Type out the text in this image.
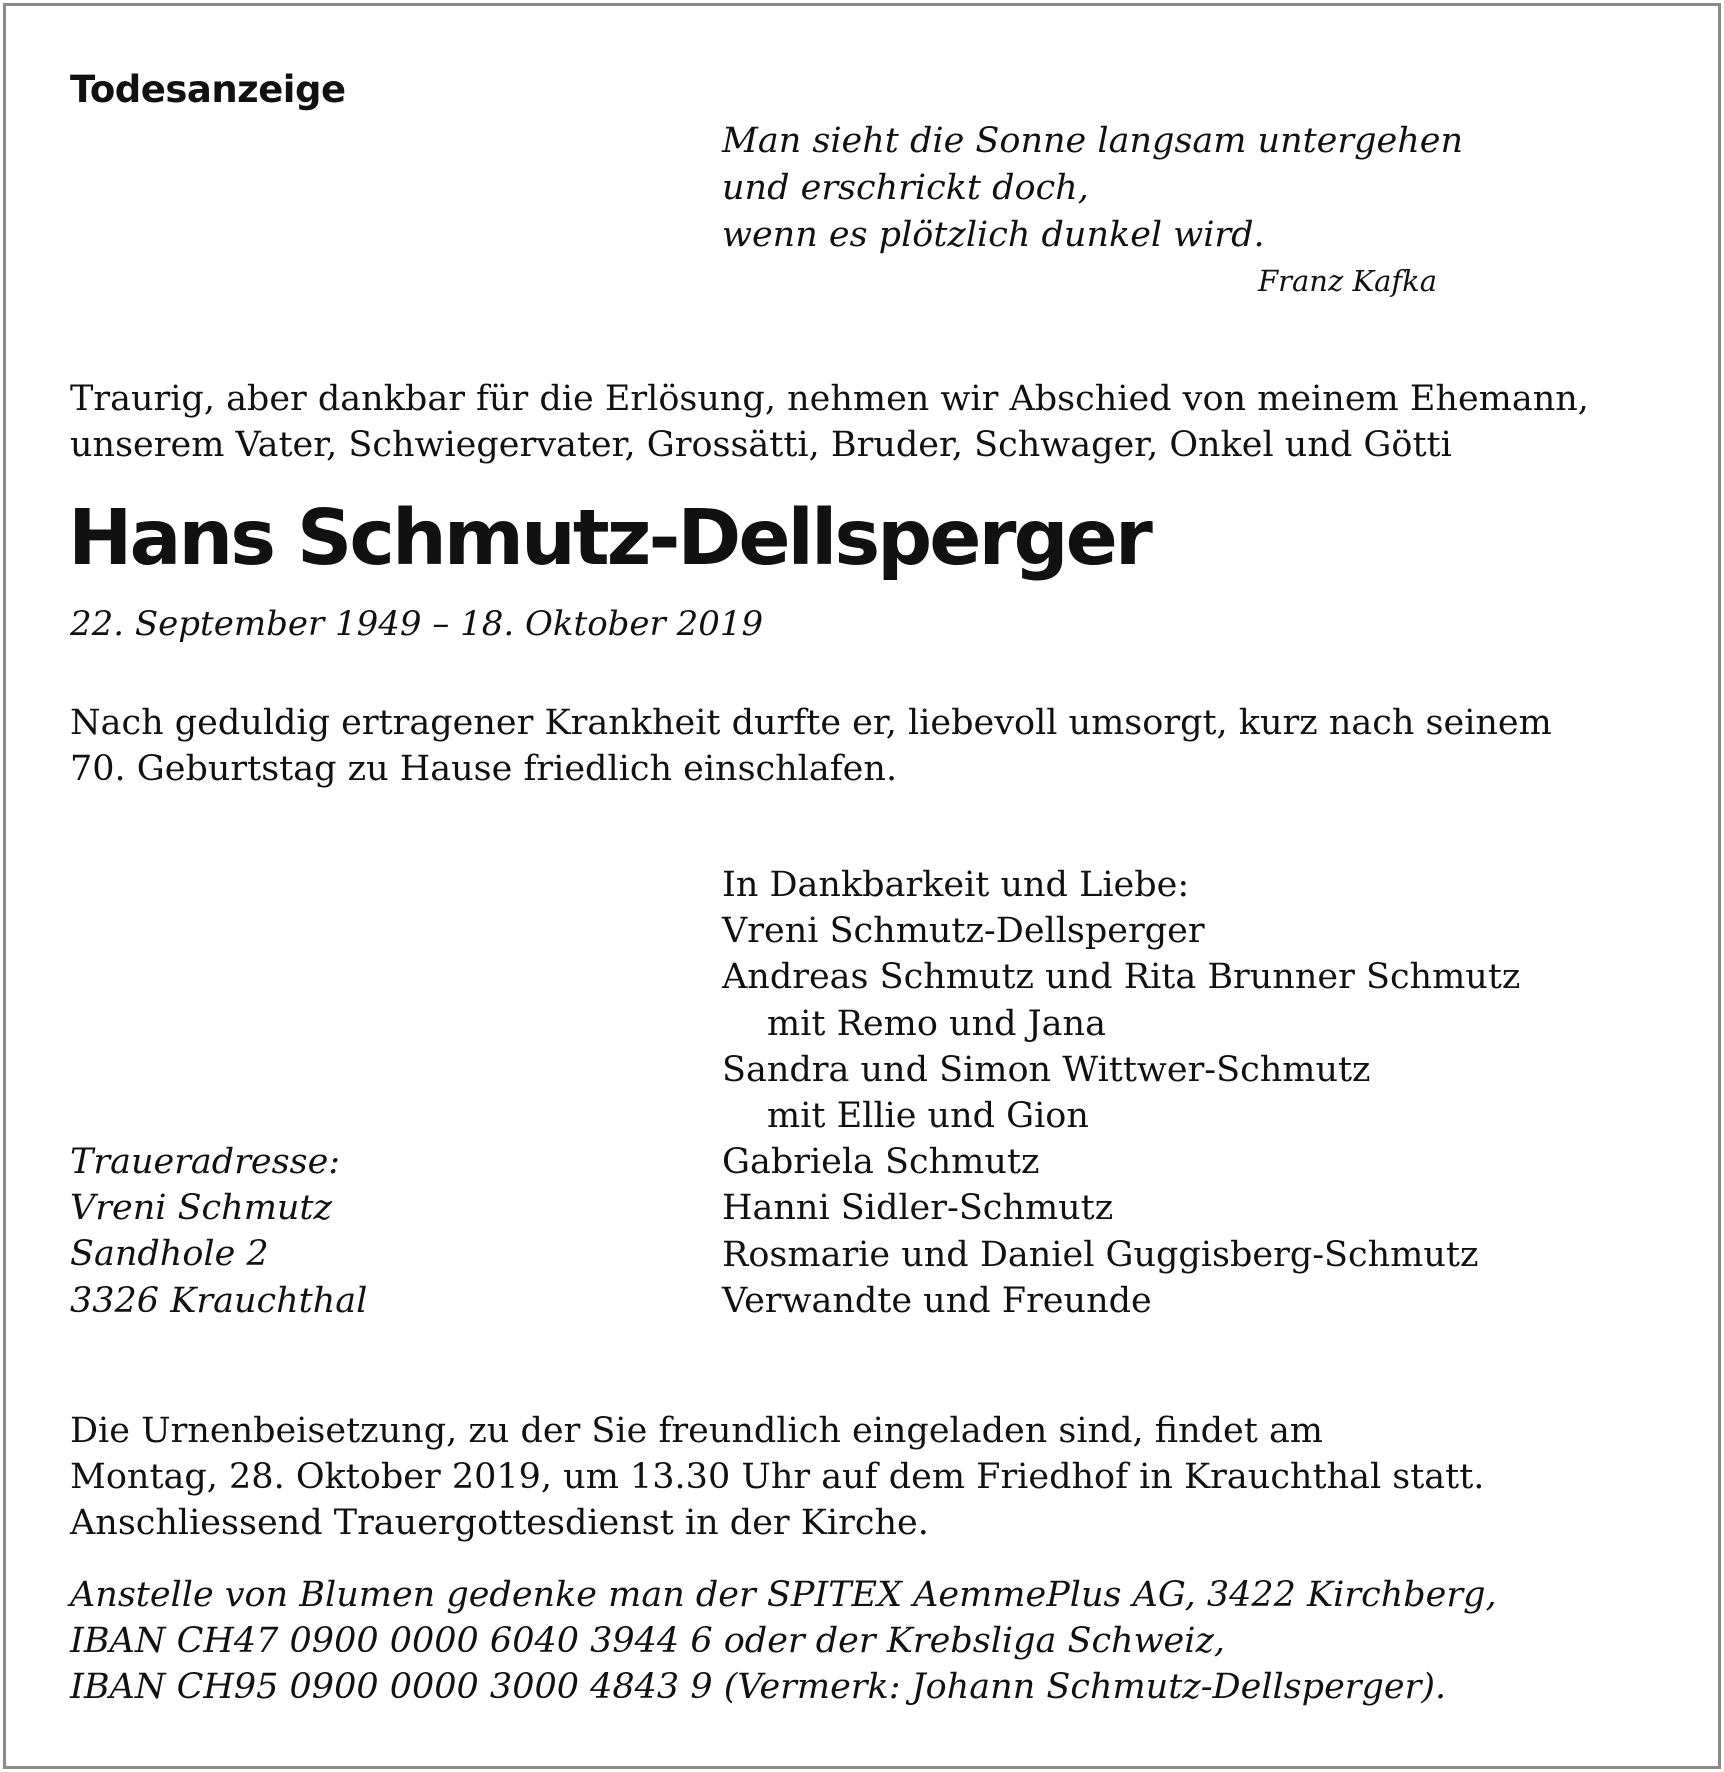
Todesanzeige
Man sieht die Sonne langsam untergehen
und erschrickt doch,
wenn es plötzlich dunkel wird.
Franz Kafka
Traurig, aber dankbar für die Erlösung, nehmen wir Abschied von meinem Ehemann,
unserem Vater, Schwiegervater, Grossätti, Bruder, Schwager, Onkel und Götti
Hans Schmutz-Dellsperger
22. September 1949 – 18. Oktober 2019
Nach geduldig ertragener Krankheit durfte er, liebevoll umsorgt, kurz nach seinem
70. Geburtstag zu Hause friedlich einschlafen.
In Dankbarkeit und Liebe:
Vreni Schmutz-Dellsperger
Andreas Schmutz und Rita Brunner Schmutz
mit Remo und Jana
Sandra und Simon Wittwer-Schmutz
mit Ellie und Gion
Gabriela Schmutz
Hanni Sidler-Schmutz
Rosmarie und Daniel Guggisberg-Schmutz
Verwandte und Freunde
Traueradresse:
Vreni Schmutz
Sandhole 2
3326 Krauchthal
Die Urnenbeisetzung, zu der Sie freundlich eingeladen sind, findet am
Montag, 28. Oktober 2019, um 13.30 Uhr auf dem Friedhof in Krauchthal statt.
Anschliessend Trauergottesdienst in der Kirche.
Anstelle von Blumen gedenke man der SPITEX AemmePlus AG, 3422 Kirchberg,
IBAN CH47 0900 0000 6040 3944 6 oder der Krebsliga Schweiz,
IBAN CH95 0900 0000 3000 4843 9 (Vermerk: Johann Schmutz-Dellsperger).
